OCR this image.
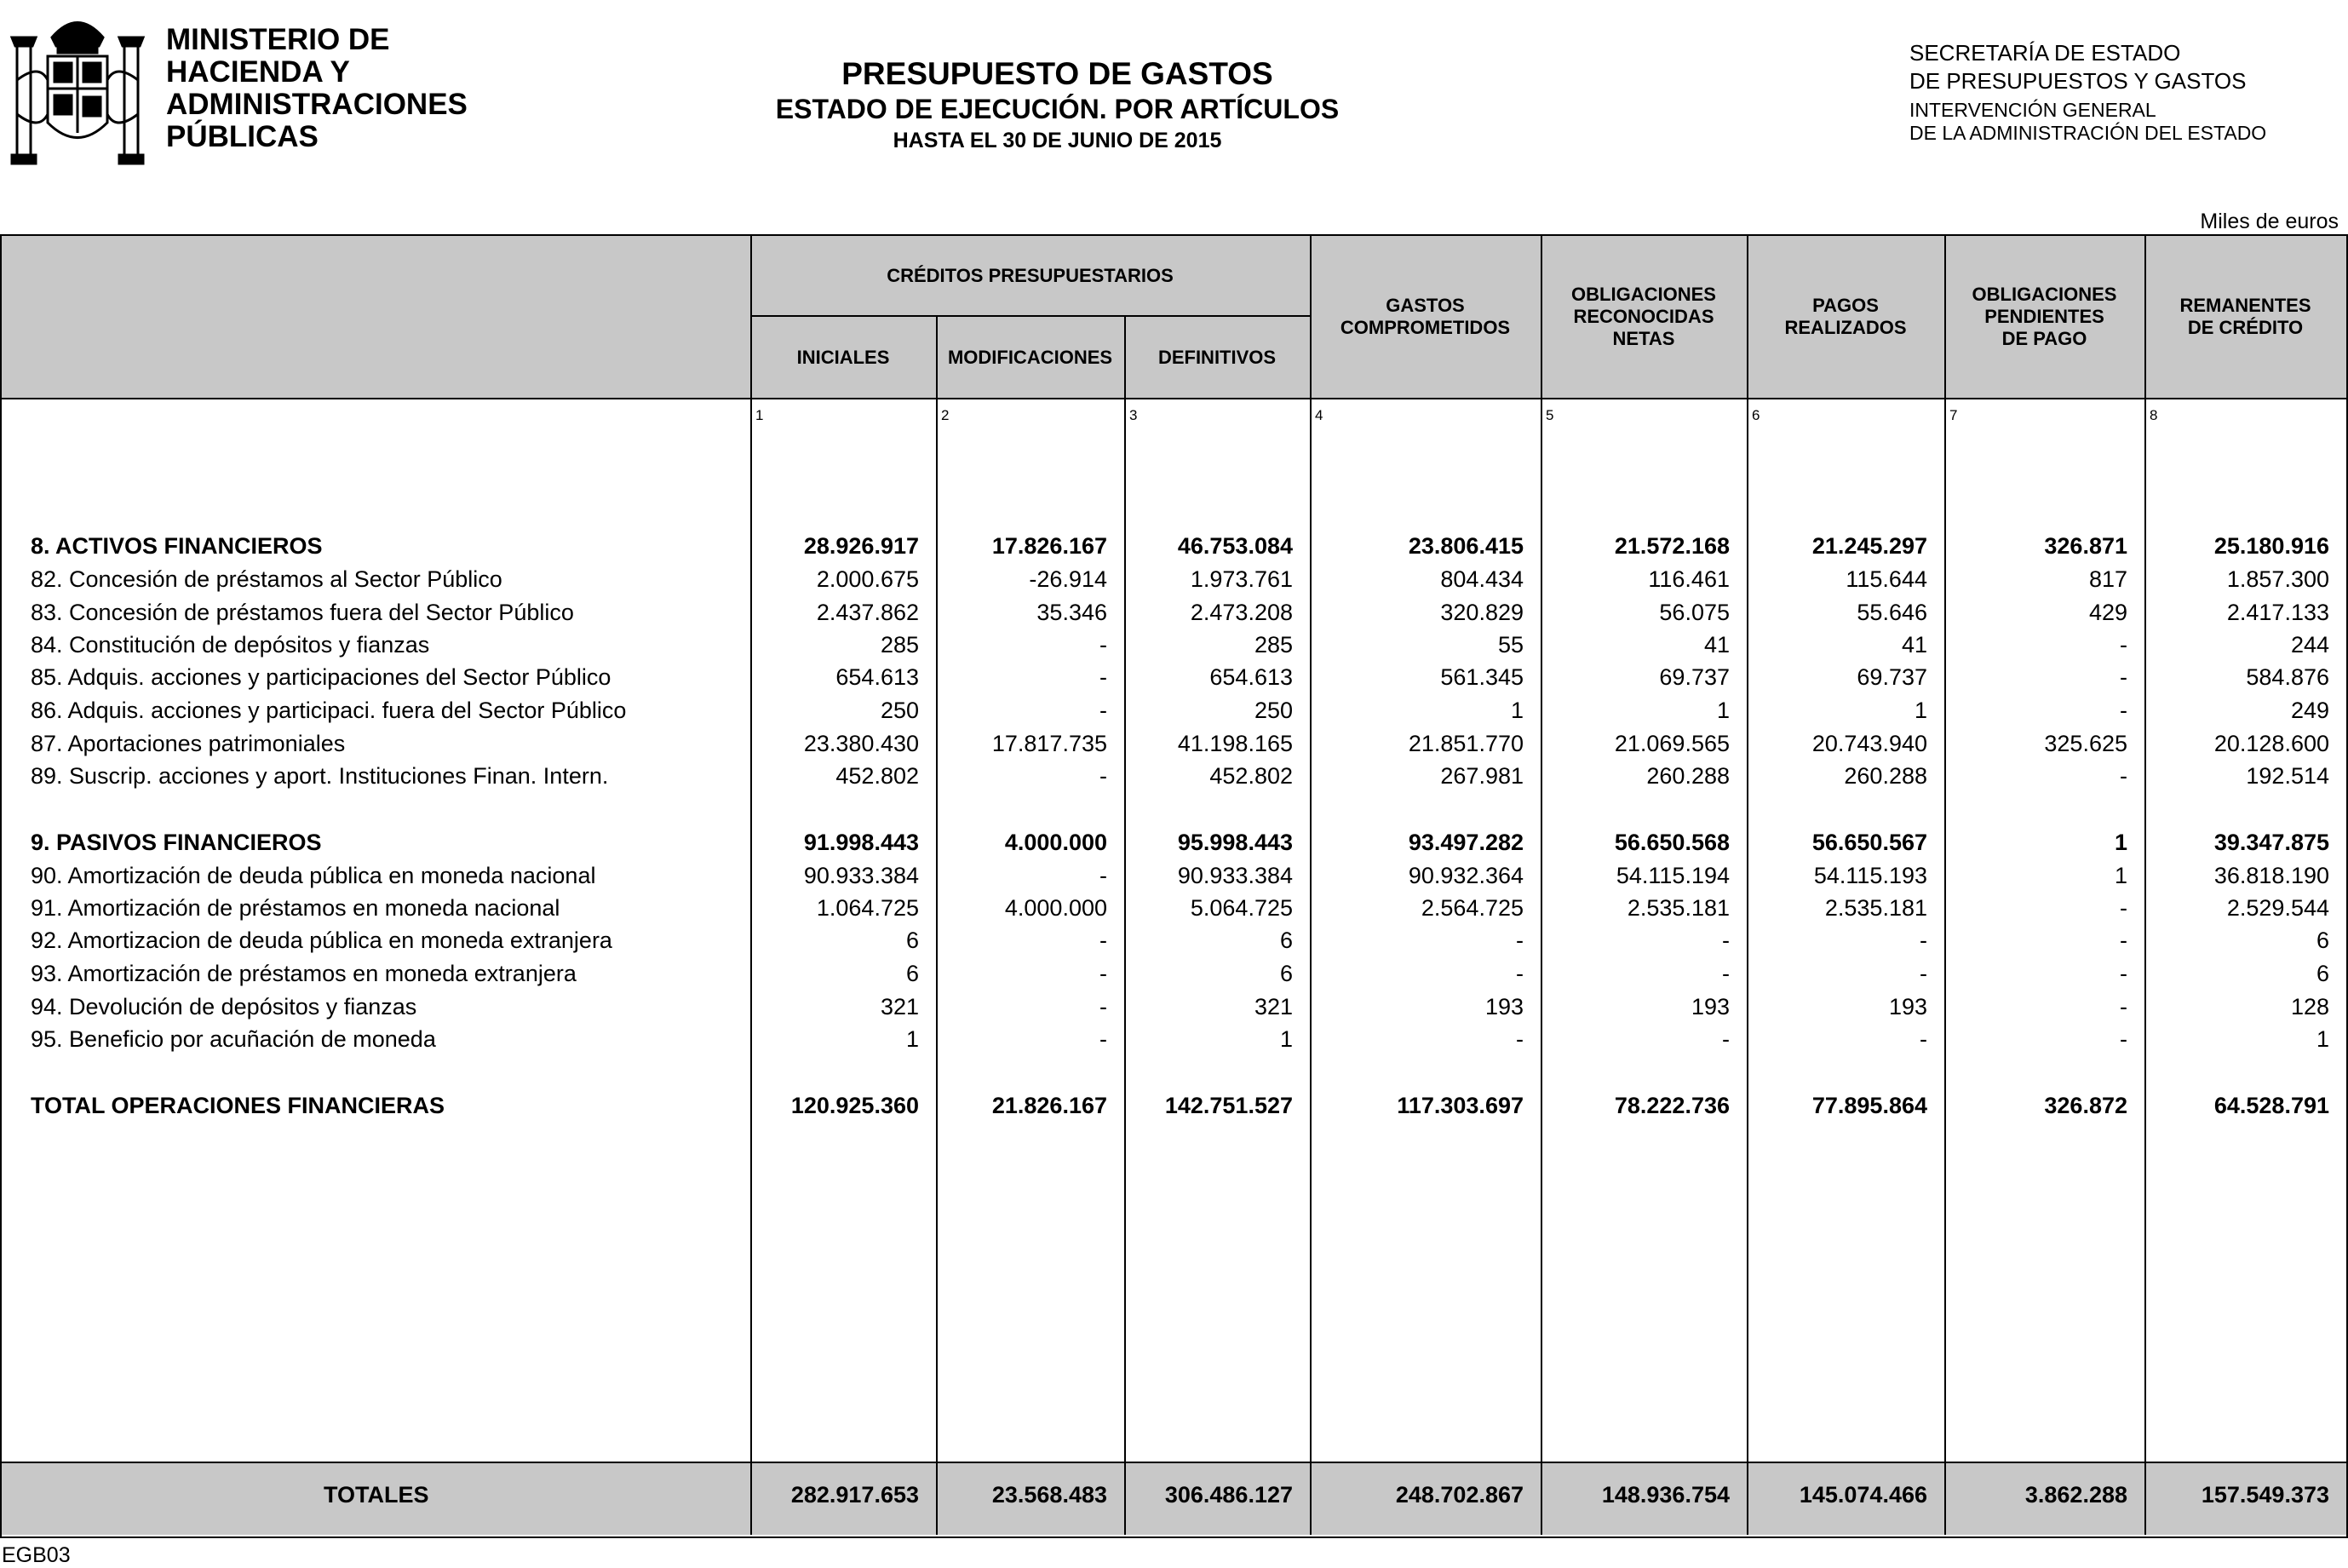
MINISTERIO DE
HACIENDA Y
ADMINISTRACIONES
PÚBLICAS
PRESUPUESTO DE GASTOS
ESTADO DE EJECUCIÓN. POR ARTÍCULOS
HASTA EL 30 DE JUNIO DE 2015
SECRETARÍA DE ESTADO
DE PRESUPUESTOS Y GASTOS
INTERVENCIÓN GENERAL
DE LA ADMINISTRACIÓN DEL ESTADO
Miles de euros
INICIALES	MODIFICACIONES	DEFINITIVOS
GASTOS
COMPROMETIDOS
OBLIGACIONES
RECONOCIDAS
NETAS
PAGOS
REALIZADOS
OBLIGACIONES
PENDIENTES
DE PAGO
REMANENTES
DE CRÉDITO
CRÉDITOS PRESUPUESTARIOS
1	2	3	4	5	6	7	8
8. ACTIVOS FINANCIEROS	28.926.917	17.826.167	46.753.084	23.806.415	21.572.168	21.245.297	326.871	25.180.916
82. Concesión de préstamos al Sector Público	2.000.675	-26.914	1.973.761	804.434	116.461	115.644	817	1.857.300
83. Concesión de préstamos fuera del Sector Público	2.437.862	35.346	2.473.208	320.829	56.075	55.646	429	2.417.133
84. Constitución de depósitos y fianzas	285	-	285	55	41	41	-	244
85. Adquis. acciones y participaciones del Sector Público	654.613	-	654.613	561.345	69.737	69.737	-	584.876
86. Adquis. acciones y participaci. fuera del Sector Público	250	-	250	1	1	1	-	249
87. Aportaciones patrimoniales	23.380.430	17.817.735	41.198.165	21.851.770	21.069.565	20.743.940	325.625	20.128.600
89. Suscrip. acciones y aport. Instituciones Finan. Intern.	452.802	-	452.802	267.981	260.288	260.288	-	192.514
9. PASIVOS FINANCIEROS	91.998.443	4.000.000	95.998.443	93.497.282	56.650.568	56.650.567	1	39.347.875
90. Amortización de deuda pública en moneda nacional	90.933.384	-	90.933.384	90.932.364	54.115.194	54.115.193	1	36.818.190
91. Amortización de préstamos en moneda nacional	1.064.725	4.000.000	5.064.725	2.564.725	2.535.181	2.535.181	-	2.529.544
92. Amortizacion de deuda pública en moneda extranjera	6	-	6	-	-	-	-	6
93. Amortización de préstamos en moneda extranjera	6	-	6	-	-	-	-	6
94. Devolución de depósitos y fianzas	321	-	321	193	193	193	-	128
95. Beneficio por acuñación de moneda	1	-	1	-	-	-	-	1
TOTAL OPERACIONES FINANCIERAS	120.925.360	21.826.167	142.751.527	117.303.697	78.222.736	77.895.864	326.872	64.528.791
TOTALES	282.917.653	23.568.483	306.486.127	248.702.867	148.936.754	145.074.466	3.862.288	157.549.373
EGB03
